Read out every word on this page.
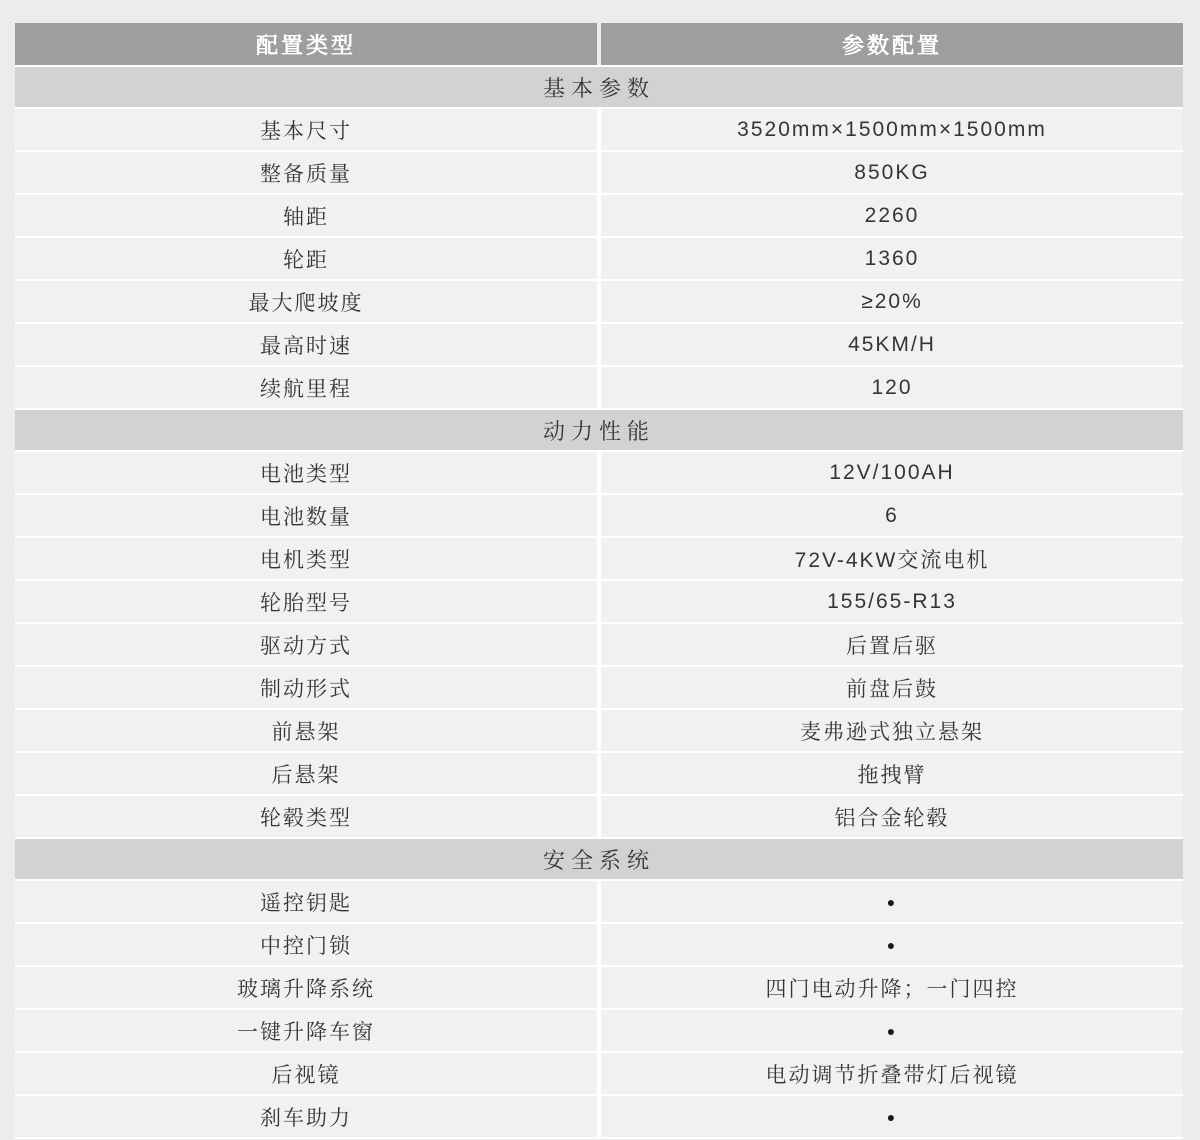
配置类型	参数配置
基本参数
基本尺寸	3520mm×1500mm×1500mm
整备质量	850KG
轴距	2260
轮距	1360
最大爬坡度	≥20%
最高时速	45KM/H
续航里程	120
动力性能
电池类型	12V/100AH
电池数量	6
电机类型	72V-4KW交流电机
轮胎型号	155/65-R13
驱动方式	后置后驱
制动形式	前盘后鼓
前悬架	麦弗逊式独立悬架
后悬架	拖拽臂
轮毂类型	铝合金轮毂
安全系统
遥控钥匙	●
中控门锁	●
玻璃升降系统	四门电动升降；一门四控
一键升降车窗	●
后视镜	电动调节折叠带灯后视镜
刹车助力	●
